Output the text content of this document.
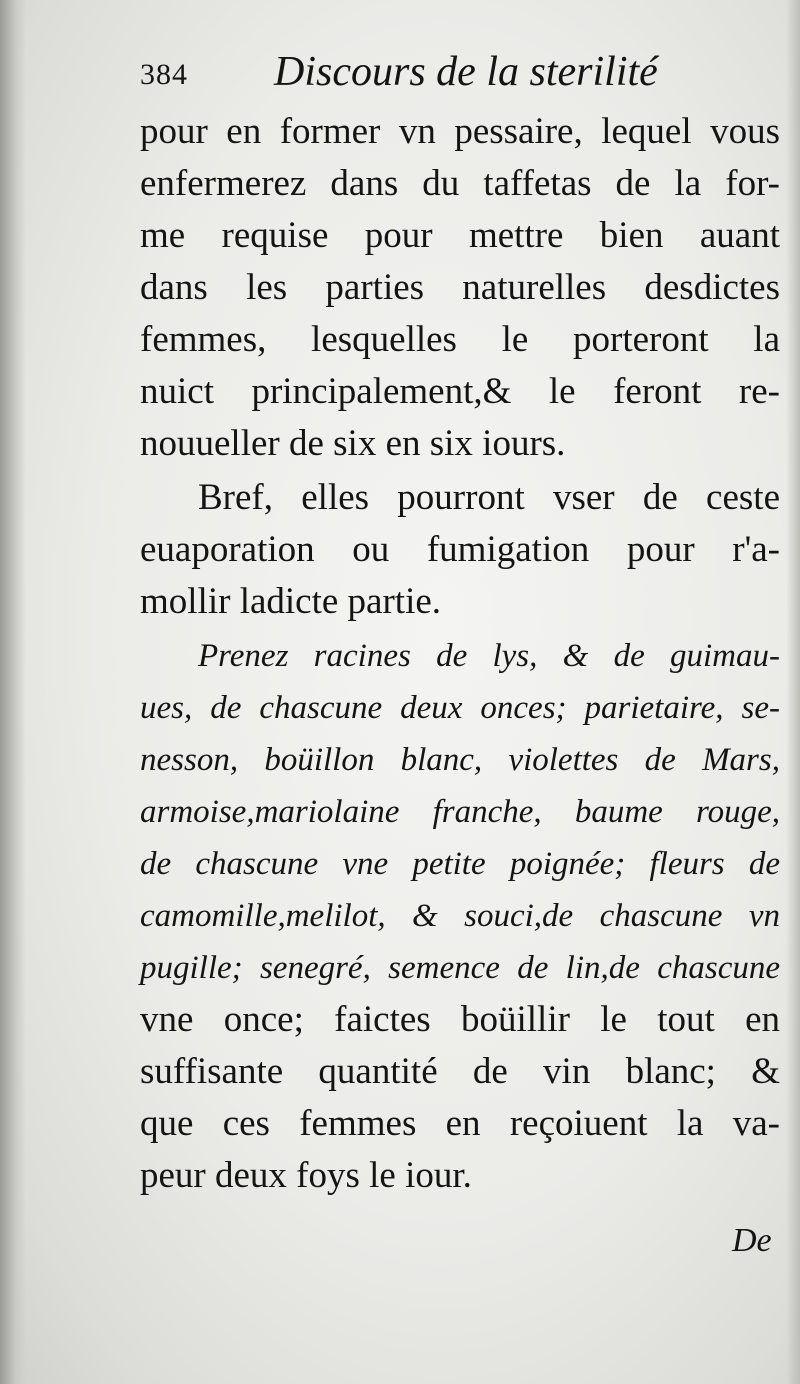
384 Discours de la sterilité
pour en former vn pessaire, lequel vous
enfermerez dans du taffetas de la for-
me requise pour mettre bien auant
dans les parties naturelles desdictes
femmes, lesquelles le porteront la
nuict principalement,& le feront re-
nouueller de six en six iours.
Bref, elles pourront vser de ceste
euaporation ou fumigation pour r'a-
mollir ladicte partie.
Prenez racines de lys, & de guimau-
ues, de chascune deux onces; parietaire, se-
nesson, boüillon blanc, violettes de Mars,
armoise,mariolaine franche, baume rouge,
de chascune vne petite poignée; fleurs de
camomille,melilot, & souci,de chascune vn
pugille; senegré, semence de lin,de chascune
vne once; faictes boüillir le tout en
suffisante quantité de vin blanc; &
que ces femmes en reçoiuent la va-
peur deux foys le iour.
De
